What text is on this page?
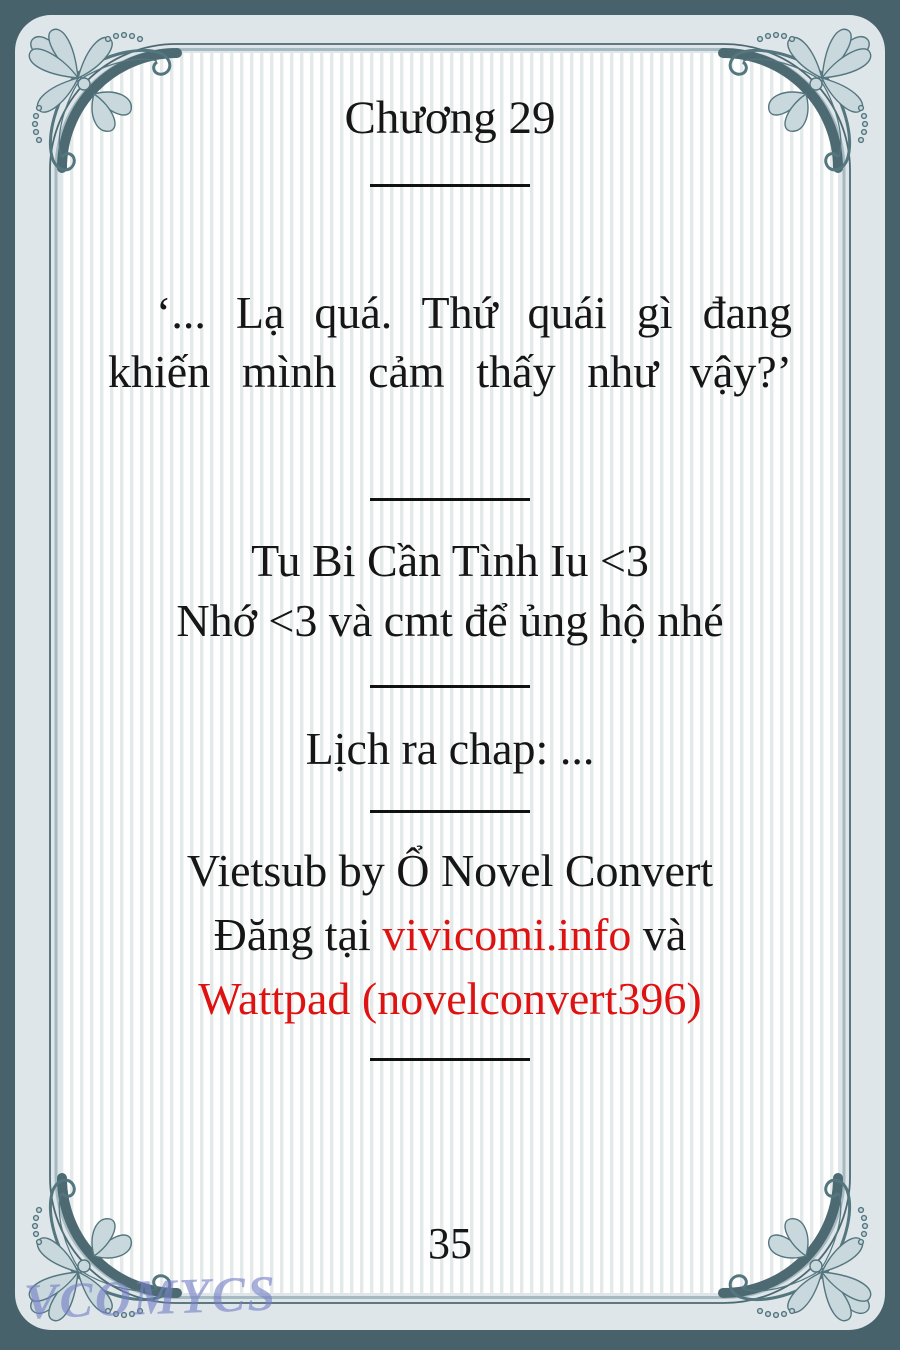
Chương 29
‘... Lạ quá. Thứ quái gì đang
khiến mình cảm thấy như vậy?’
Tu Bi Cần Tình Iu <3
Nhớ <3 và cmt để ủng hộ nhé
Lịch ra chap: ...
Vietsub by Ổ Novel Convert
Đăng tại vivicomi.info và
Wattpad (novelconvert396)
35
VCOMYCS
